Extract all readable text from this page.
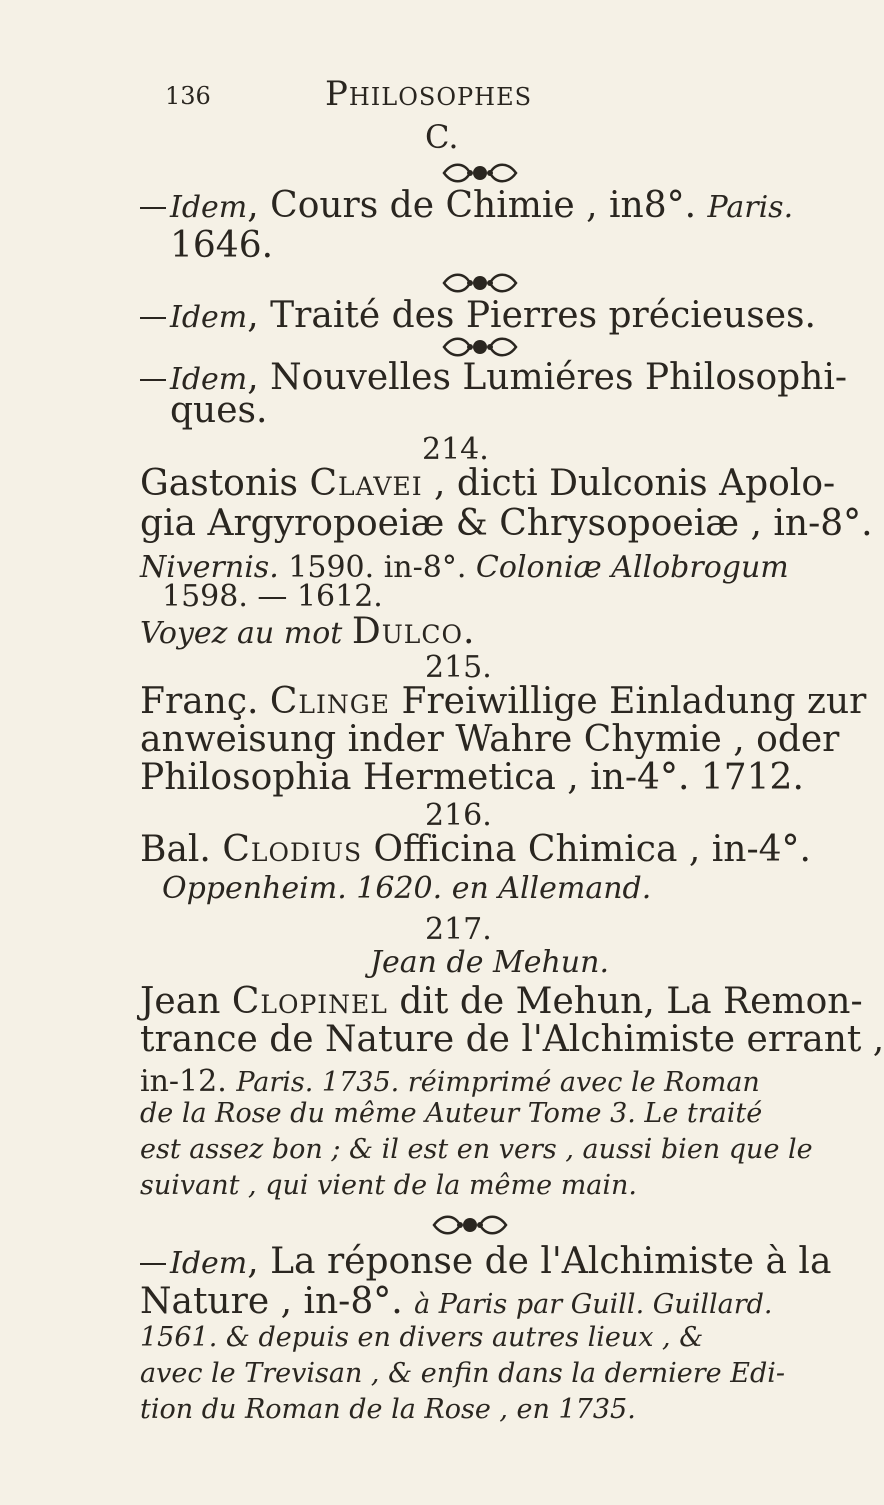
136	Philosophes
C.
Idem, Cours de Chimie , in8°. Paris.
1646.
Idem, Traité des Pierres précieuses.
Idem, Nouvelles Lumiéres Philosophi-
ques.
214.
Gastonis Clavei , dicti Dulconis Apolo-
gia Argyropoeiæ & Chrysopoeiæ , in-8°.
Nivernis. 1590. in-8°. Coloniæ Allobrogum
1598. — 1612.
Voyez au mot Dulco.
215.
Franç. Clinge Freiwillige Einladung zur
anweisung inder Wahre Chymie , oder
Philosophia Hermetica , in-4°. 1712.
216.
Bal. Clodius Officina Chimica , in-4°.
Oppenheim. 1620. en Allemand.
217.
Jean de Mehun.
Jean Clopinel dit de Mehun, La Remon-
trance de Nature de l'Alchimiste errant ,
in-12. Paris. 1735. réimprimé avec le Roman
de la Rose du même Auteur Tome 3. Le traité
est assez bon ; & il est en vers , aussi bien que le
suivant , qui vient de la même main.
Idem, La réponse de l'Alchimiste à la
Nature , in-8°. à Paris par Guill. Guillard.
1561. & depuis en divers autres lieux , &
avec le Trevisan , & enfin dans la derniere Edi-
tion du Roman de la Rose , en 1735.
